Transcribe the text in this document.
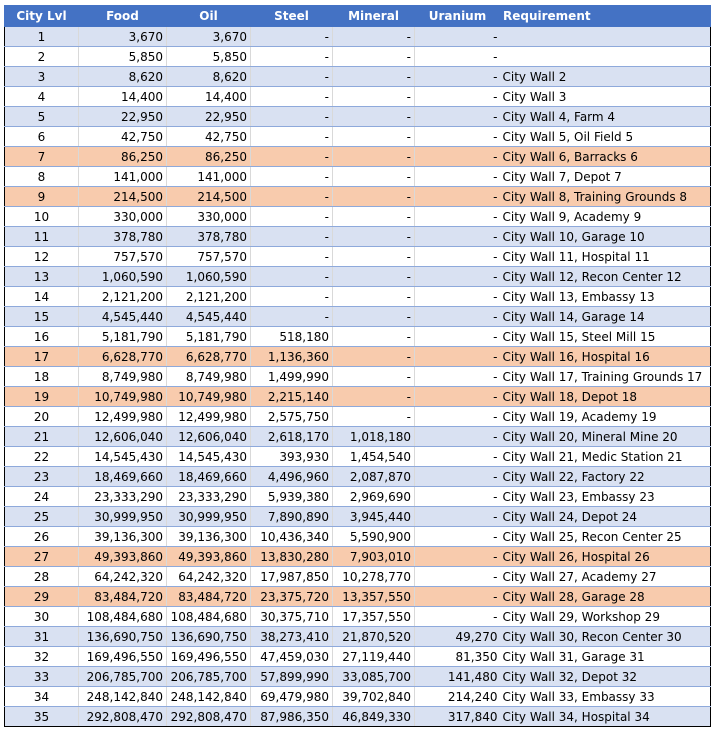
City Lvl	Food	Oil	Steel	Mineral	Uranium	Requirement
1	3,670	3,670	-	-	-	
2	5,850	5,850	-	-	-	
3	8,620	8,620	-	-	-	City Wall 2
4	14,400	14,400	-	-	-	City Wall 3
5	22,950	22,950	-	-	-	City Wall 4, Farm 4
6	42,750	42,750	-	-	-	City Wall 5, Oil Field 5
7	86,250	86,250	-	-	-	City Wall 6, Barracks 6
8	141,000	141,000	-	-	-	City Wall 7, Depot 7
9	214,500	214,500	-	-	-	City Wall 8, Training Grounds 8
10	330,000	330,000	-	-	-	City Wall 9, Academy 9
11	378,780	378,780	-	-	-	City Wall 10, Garage 10
12	757,570	757,570	-	-	-	City Wall 11, Hospital 11
13	1,060,590	1,060,590	-	-	-	City Wall 12, Recon Center 12
14	2,121,200	2,121,200	-	-	-	City Wall 13, Embassy 13
15	4,545,440	4,545,440	-	-	-	City Wall 14, Garage 14
16	5,181,790	5,181,790	518,180	-	-	City Wall 15, Steel Mill 15
17	6,628,770	6,628,770	1,136,360	-	-	City Wall 16, Hospital 16
18	8,749,980	8,749,980	1,499,990	-	-	City Wall 17, Training Grounds 17
19	10,749,980	10,749,980	2,215,140	-	-	City Wall 18, Depot 18
20	12,499,980	12,499,980	2,575,750	-	-	City Wall 19, Academy 19
21	12,606,040	12,606,040	2,618,170	1,018,180	-	City Wall 20, Mineral Mine 20
22	14,545,430	14,545,430	393,930	1,454,540	-	City Wall 21, Medic Station 21
23	18,469,660	18,469,660	4,496,960	2,087,870	-	City Wall 22, Factory 22
24	23,333,290	23,333,290	5,939,380	2,969,690	-	City Wall 23, Embassy 23
25	30,999,950	30,999,950	7,890,890	3,945,440	-	City Wall 24, Depot 24
26	39,136,300	39,136,300	10,436,340	5,590,900	-	City Wall 25, Recon Center 25
27	49,393,860	49,393,860	13,830,280	7,903,010	-	City Wall 26, Hospital 26
28	64,242,320	64,242,320	17,987,850	10,278,770	-	City Wall 27, Academy 27
29	83,484,720	83,484,720	23,375,720	13,357,550	-	City Wall 28, Garage 28
30	108,484,680	108,484,680	30,375,710	17,357,550	-	City Wall 29, Workshop 29
31	136,690,750	136,690,750	38,273,410	21,870,520	49,270	City Wall 30, Recon Center 30
32	169,496,550	169,496,550	47,459,030	27,119,440	81,350	City Wall 31, Garage 31
33	206,785,700	206,785,700	57,899,990	33,085,700	141,480	City Wall 32, Depot 32
34	248,142,840	248,142,840	69,479,980	39,702,840	214,240	City Wall 33, Embassy 33
35	292,808,470	292,808,470	87,986,350	46,849,330	317,840	City Wall 34, Hospital 34
